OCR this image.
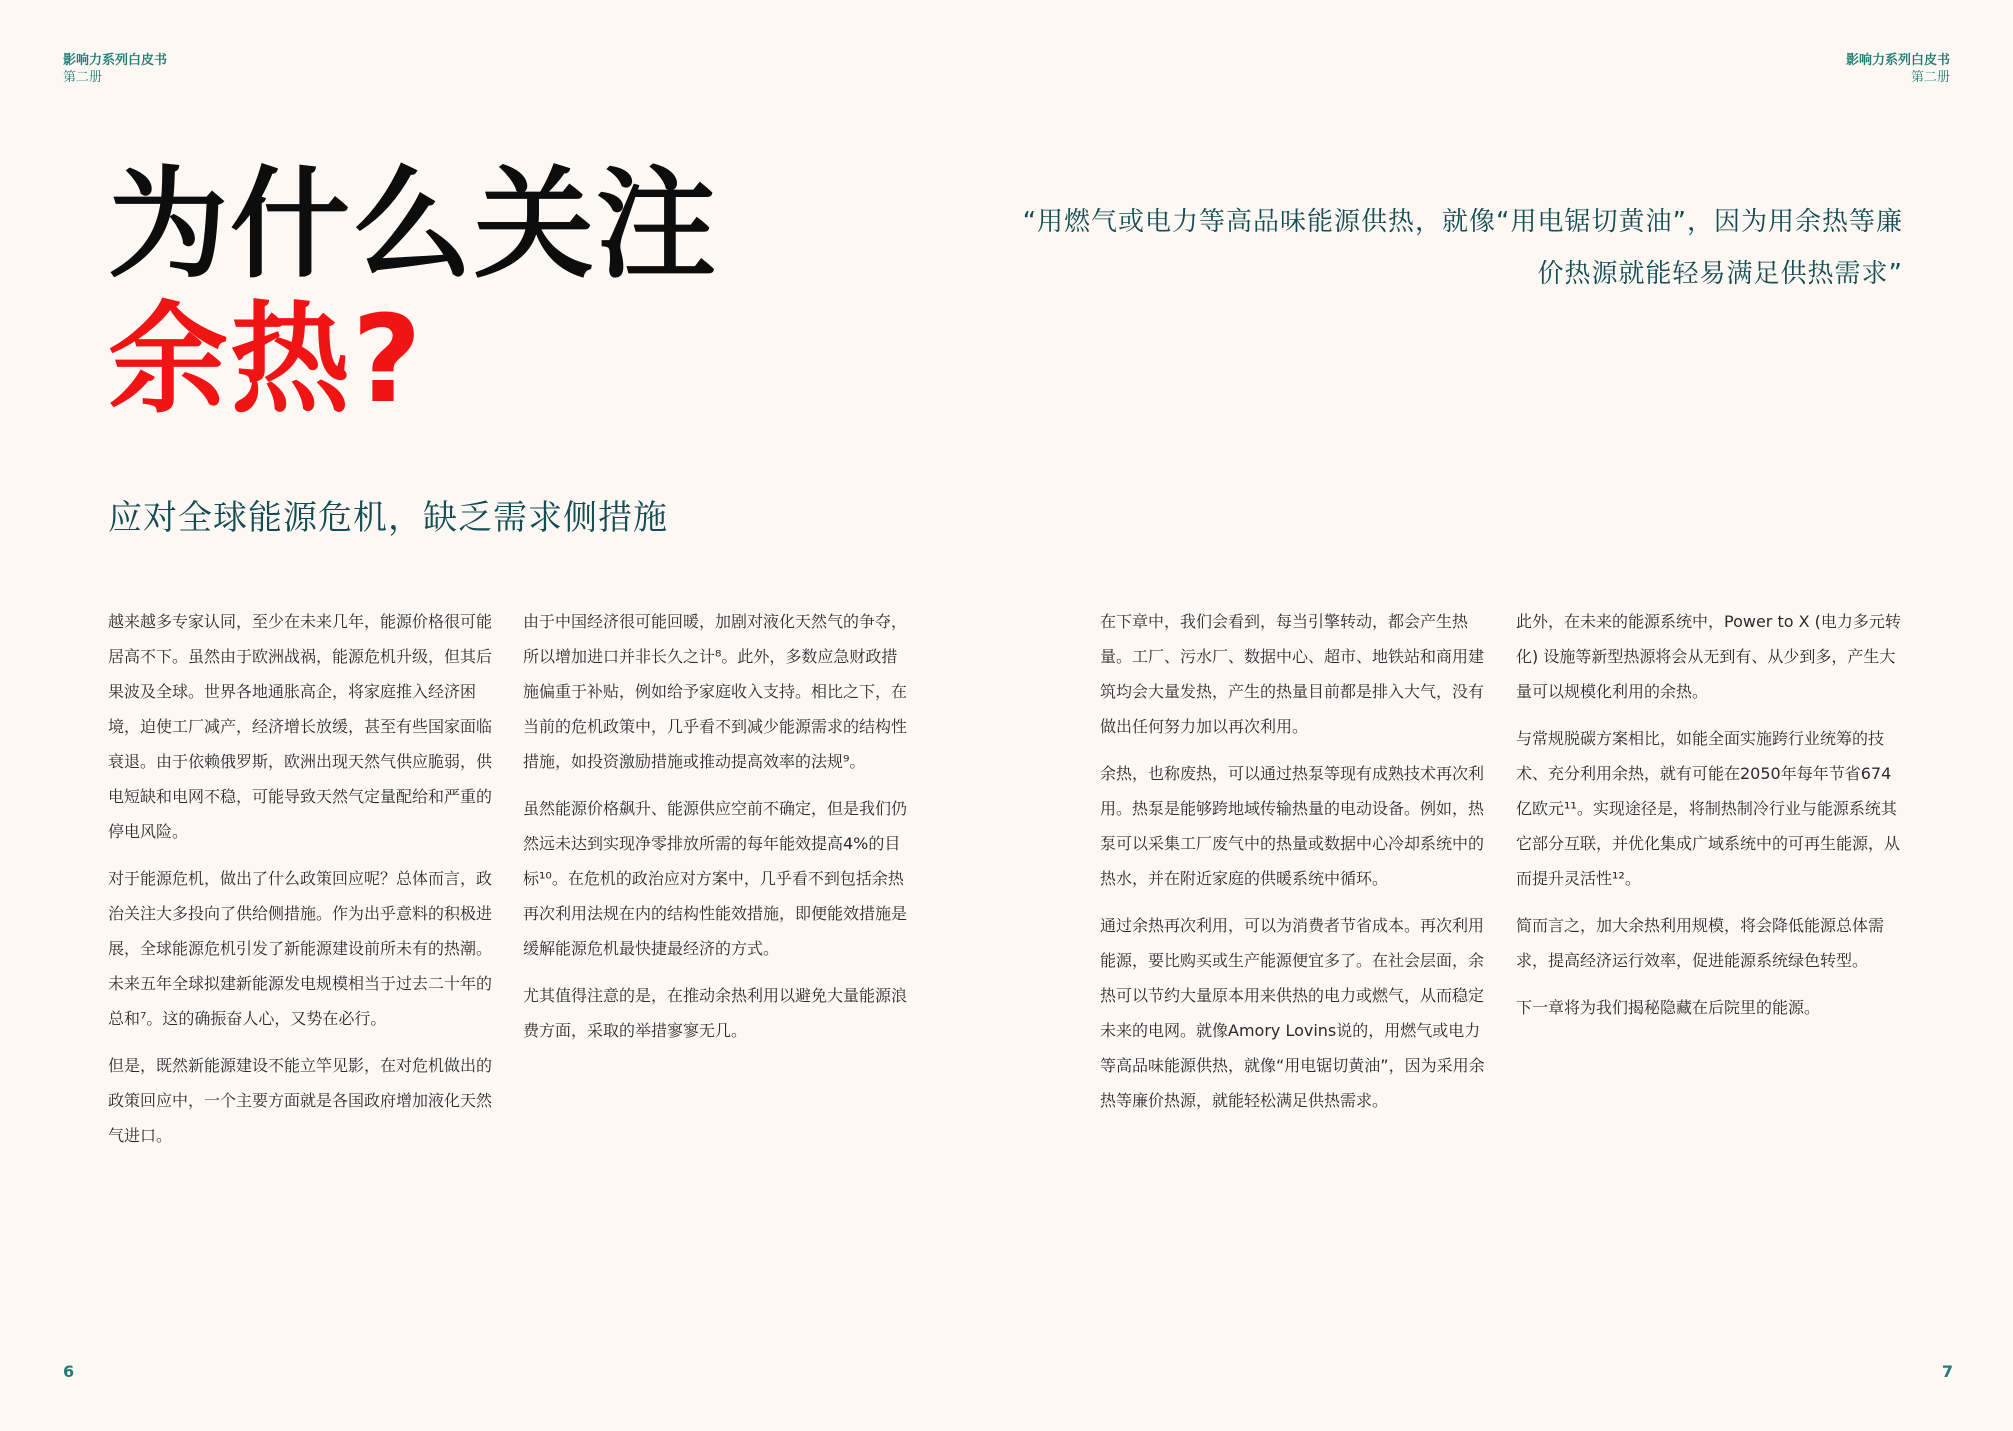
影响力系列白皮书
第二册
影响力系列白皮书
第二册
为什么关注
余热?
应对全球能源危机，缺乏需求侧措施
“用燃气或电力等高品味能源供热，就像“用电锯切黄油”，因为用余热等廉价热源就能轻易满足供热需求”

越来越多专家认同，至少在未来几年，能源价格很可能居高不下。虽然由于欧洲战祸，能源危机升级，但其后果波及全球。世界各地通胀高企，将家庭推入经济困境，迫使工厂减产，经济增长放缓，甚至有些国家面临衰退。由于依赖俄罗斯，欧洲出现天然气供应脆弱，供电短缺和电网不稳，可能导致天然气定量配给和严重的停电风险。

对于能源危机，做出了什么政策回应呢？总体而言，政治关注大多投向了供给侧措施。作为出乎意料的积极进展，全球能源危机引发了新能源建设前所未有的热潮。未来五年全球拟建新能源发电规模相当于过去二十年的总和⁷。这的确振奋人心，又势在必行。

但是，既然新能源建设不能立竿见影，在对危机做出的政策回应中，一个主要方面就是各国政府增加液化天然气进口。

由于中国经济很可能回暖，加剧对液化天然气的争夺，所以增加进口并非长久之计⁸。此外，多数应急财政措施偏重于补贴，例如给予家庭收入支持。相比之下，在当前的危机政策中，几乎看不到减少能源需求的结构性措施，如投资激励措施或推动提高效率的法规⁹。

虽然能源价格飙升、能源供应空前不确定，但是我们仍然远未达到实现净零排放所需的每年能效提高4%的目标¹⁰。在危机的政治应对方案中，几乎看不到包括余热再次利用法规在内的结构性能效措施，即便能效措施是缓解能源危机最快捷最经济的方式。

尤其值得注意的是，在推动余热利用以避免大量能源浪费方面，采取的举措寥寥无几。

在下章中，我们会看到，每当引擎转动，都会产生热量。工厂、污水厂、数据中心、超市、地铁站和商用建筑均会大量发热，产生的热量目前都是排入大气，没有做出任何努力加以再次利用。

余热，也称废热，可以通过热泵等现有成熟技术再次利用。热泵是能够跨地域传输热量的电动设备。例如，热泵可以采集工厂废气中的热量或数据中心冷却系统中的热水，并在附近家庭的供暖系统中循环。

通过余热再次利用，可以为消费者节省成本。再次利用能源，要比购买或生产能源便宜多了。在社会层面，余热可以节约大量原本用来供热的电力或燃气，从而稳定未来的电网。就像Amory Lovins说的，用燃气或电力等高品味能源供热，就像“用电锯切黄油”，因为采用余热等廉价热源，就能轻松满足供热需求。

此外，在未来的能源系统中，Power to X (电力多元转化) 设施等新型热源将会从无到有、从少到多，产生大量可以规模化利用的余热。

与常规脱碳方案相比，如能全面实施跨行业统筹的技术、充分利用余热，就有可能在2050年每年节省674亿欧元¹¹。实现途径是，将制热制冷行业与能源系统其它部分互联，并优化集成广域系统中的可再生能源，从而提升灵活性¹²。

简而言之，加大余热利用规模，将会降低能源总体需求，提高经济运行效率，促进能源系统绿色转型。

下一章将为我们揭秘隐藏在后院里的能源。

6	7
